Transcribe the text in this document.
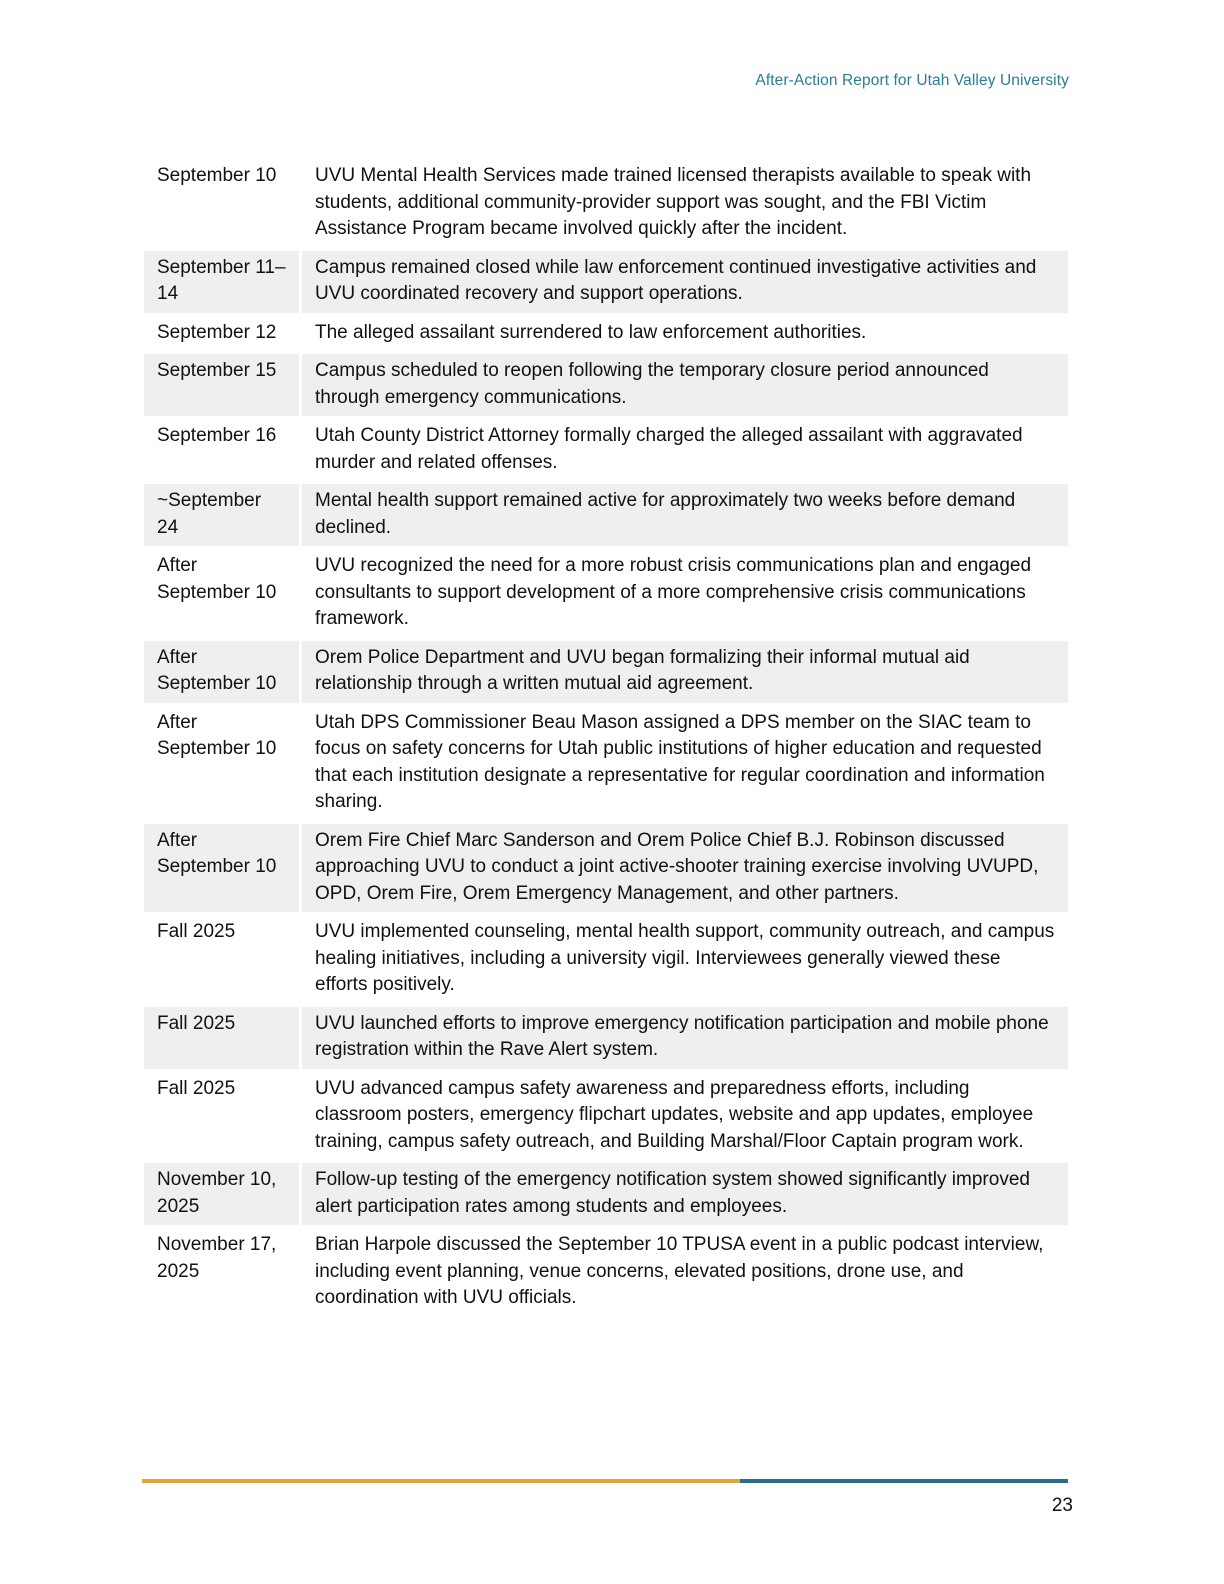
After-Action Report for Utah Valley University
September 10	UVU Mental Health Services made trained licensed therapists available to speak with students, additional community-provider support was sought, and the FBI Victim Assistance Program became involved quickly after the incident.
September 11–14	Campus remained closed while law enforcement continued investigative activities and UVU coordinated recovery and support operations.
September 12	The alleged assailant surrendered to law enforcement authorities.
September 15	Campus scheduled to reopen following the temporary closure period announced through emergency communications.
September 16	Utah County District Attorney formally charged the alleged assailant with aggravated murder and related offenses.
~September 24	Mental health support remained active for approximately two weeks before demand declined.
After September 10	UVU recognized the need for a more robust crisis communications plan and engaged consultants to support development of a more comprehensive crisis communications framework.
After September 10	Orem Police Department and UVU began formalizing their informal mutual aid relationship through a written mutual aid agreement.
After September 10	Utah DPS Commissioner Beau Mason assigned a DPS member on the SIAC team to focus on safety concerns for Utah public institutions of higher education and requested that each institution designate a representative for regular coordination and information sharing.
After September 10	Orem Fire Chief Marc Sanderson and Orem Police Chief B.J. Robinson discussed approaching UVU to conduct a joint active-shooter training exercise involving UVUPD, OPD, Orem Fire, Orem Emergency Management, and other partners.
Fall 2025	UVU implemented counseling, mental health support, community outreach, and campus healing initiatives, including a university vigil. Interviewees generally viewed these efforts positively.
Fall 2025	UVU launched efforts to improve emergency notification participation and mobile phone registration within the Rave Alert system.
Fall 2025	UVU advanced campus safety awareness and preparedness efforts, including classroom posters, emergency flipchart updates, website and app updates, employee training, campus safety outreach, and Building Marshal/Floor Captain program work.
November 10, 2025	Follow-up testing of the emergency notification system showed significantly improved alert participation rates among students and employees.
November 17, 2025	Brian Harpole discussed the September 10 TPUSA event in a public podcast interview, including event planning, venue concerns, elevated positions, drone use, and coordination with UVU officials.
23
